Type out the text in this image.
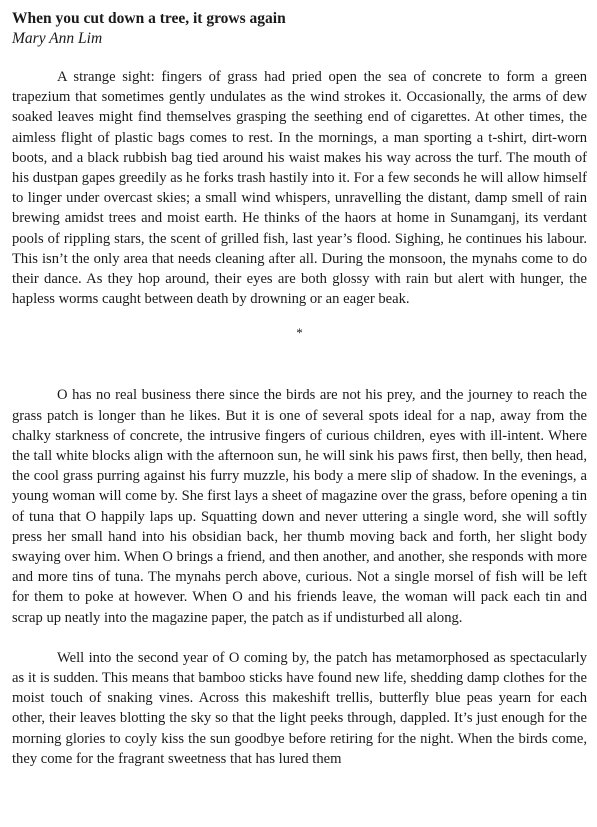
When you cut down a tree, it grows again

Mary Ann Lim

A strange sight: fingers of grass had pried open the sea of concrete to form a green trapezium that sometimes gently undulates as the wind strokes it. Occasionally, the arms of dew soaked leaves might find themselves grasping the seething end of cigarettes. At other times, the aimless flight of plastic bags comes to rest. In the mornings, a man sporting a t-shirt, dirt-worn boots, and a black rubbish bag tied around his waist makes his way across the turf. The mouth of his dustpan gapes greedily as he forks trash hastily into it. For a few seconds he will allow himself to linger under overcast skies; a small wind whispers, unravelling the distant, damp smell of rain brewing amidst trees and moist earth. He thinks of the haors at home in Sunamganj, its verdant pools of rippling stars, the scent of grilled fish, last year’s flood. Sighing, he continues his labour. This isn’t the only area that needs cleaning after all. During the monsoon, the mynahs come to do their dance. As they hop around, their eyes are both glossy with rain but alert with hunger, the hapless worms caught between death by drowning or an eager beak.

*

O has no real business there since the birds are not his prey, and the journey to reach the grass patch is longer than he likes. But it is one of several spots ideal for a nap, away from the chalky starkness of concrete, the intrusive fingers of curious children, eyes with ill-intent. Where the tall white blocks align with the afternoon sun, he will sink his paws first, then belly, then head, the cool grass purring against his furry muzzle, his body a mere slip of shadow. In the evenings, a young woman will come by. She first lays a sheet of magazine over the grass, before opening a tin of tuna that O happily laps up. Squatting down and never uttering a single word, she will softly press her small hand into his obsidian back, her thumb moving back and forth, her slight body swaying over him. When O brings a friend, and then another, and another, she responds with more and more tins of tuna. The mynahs perch above, curious. Not a single morsel of fish will be left for them to poke at however. When O and his friends leave, the woman will pack each tin and scrap up neatly into the magazine paper, the patch as if undisturbed all along.

Well into the second year of O coming by, the patch has metamorphosed as spectacularly as it is sudden. This means that bamboo sticks have found new life, shedding damp clothes for the moist touch of snaking vines. Across this makeshift trellis, butterfly blue peas yearn for each other, their leaves blotting the sky so that the light peeks through, dappled. It’s just enough for the morning glories to coyly kiss the sun goodbye before retiring for the night. When the birds come, they come for the fragrant sweetness that has lured them
